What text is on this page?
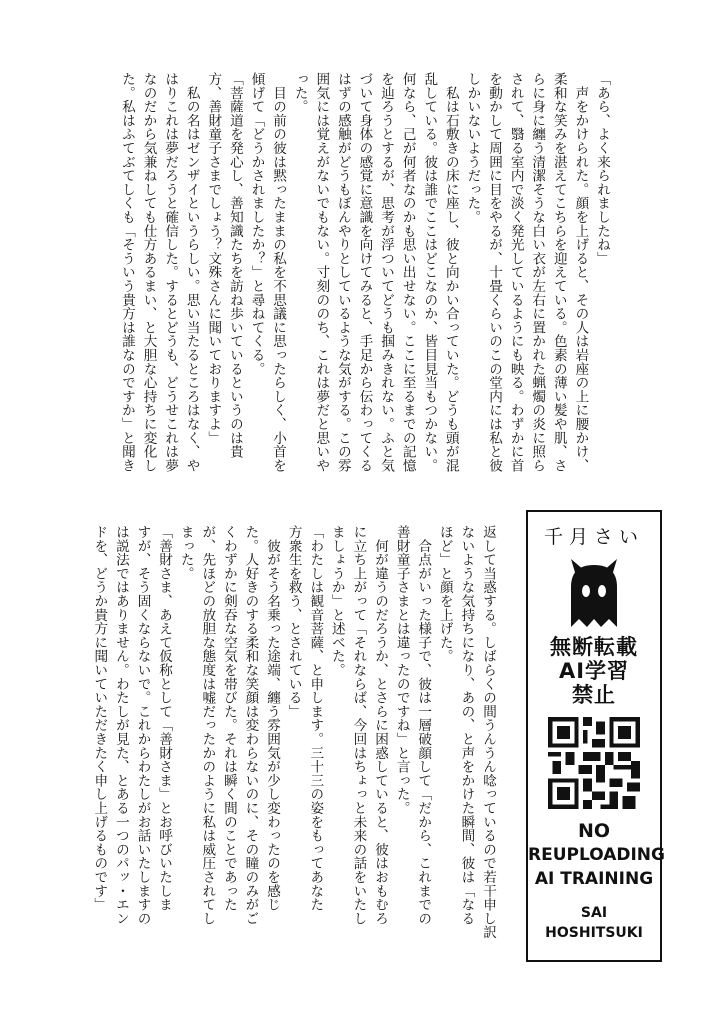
「あら、よく来られましたね」
　声をかけられた。顔を上げると、その人は岩座の上に腰かけ、
柔和な笑みを湛えてこちらを迎えている。色素の薄い髪や肌、さ
らに身に纏う清潔そうな白い衣が左右に置かれた蝋燭の炎に照ら
されて、翳る室内で淡く発光しているようにも映る。わずかに首
を動かして周囲に目をやるが、十畳くらいのこの堂内には私と彼
しかいないようだった。
　私は石敷きの床に座し、彼と向かい合っていた。どうも頭が混
乱している。彼は誰でここはどこなのか、皆目見当もつかない。
何なら、己が何者なのかも思い出せない。ここに至るまでの記憶
を辿ろうとするが、思考が浮ついてどうも掴みきれない。ふと気
づいて身体の感覚に意識を向けてみると、手足から伝わってくる
はずの感触がどうもぼんやりとしているような気がする。この雰
囲気には覚えがないでもない。寸刻ののち、これは夢だと思いや
った。
　目の前の彼は黙ったままの私を不思議に思ったらしく、小首を
傾げて「どうかされましたか？」と尋ねてくる。
「菩薩道を発心し、善知識たちを訪ね歩いているというのは貴
方、善財童子さまでしょう？文殊さんに聞いておりますよ」
　私の名はゼンザイというらしい。思い当たるところはなく、や
はりこれは夢だろうと確信した。するとどうも、どうせこれは夢
なのだから気兼ねしても仕方あるまい、と大胆な心持ちに変化し
た。私はふてぶてしくも「そういう貴方は誰なのですか」と聞き
返して当惑する。しばらくの間うんうん唸っているので若干申し訳
ないような気持ちになり、あの、と声をかけた瞬間、彼は「なる
ほど」と顔を上げた。
　合点がいった様子で、彼は一層破顔して「だから、これまでの
善財童子さまとは違ったのですね」と言った。
　何が違うのだろうか、とさらに困惑していると、彼はおもむろ
に立ち上がって「それならば、今回はちょっと未来の話をいたし
ましょうか」と述べた。
「わたしは観音菩薩、と申します。三十三の姿をもってあなた
方衆生を救う、とされている」
　彼がそう名乗った途端、纏う雰囲気が少し変わったのを感じ
た。人好きのする柔和な笑顔は変わらないのに、その瞳のみがご
くわずかに剣吞な空気を帯びた。それは瞬く間のことであった
が、先ほどの放胆な態度は嘘だったかのように私は威圧されてし
まった。
「善財さま、あえて仮称として「善財さま」とお呼びいたしま
すが、そう固くならないで。これからわたしがお話いたしますの
は説法ではありません。わたしが見た、とある一つのパッ・エン
ドを、どうか貴方に聞いていただきたく申し上げるものです」	千月さい
無断転載
AI学習
禁止
NO
REUPLOADING
AI TRAINING
SAI
HOSHITSUKI
